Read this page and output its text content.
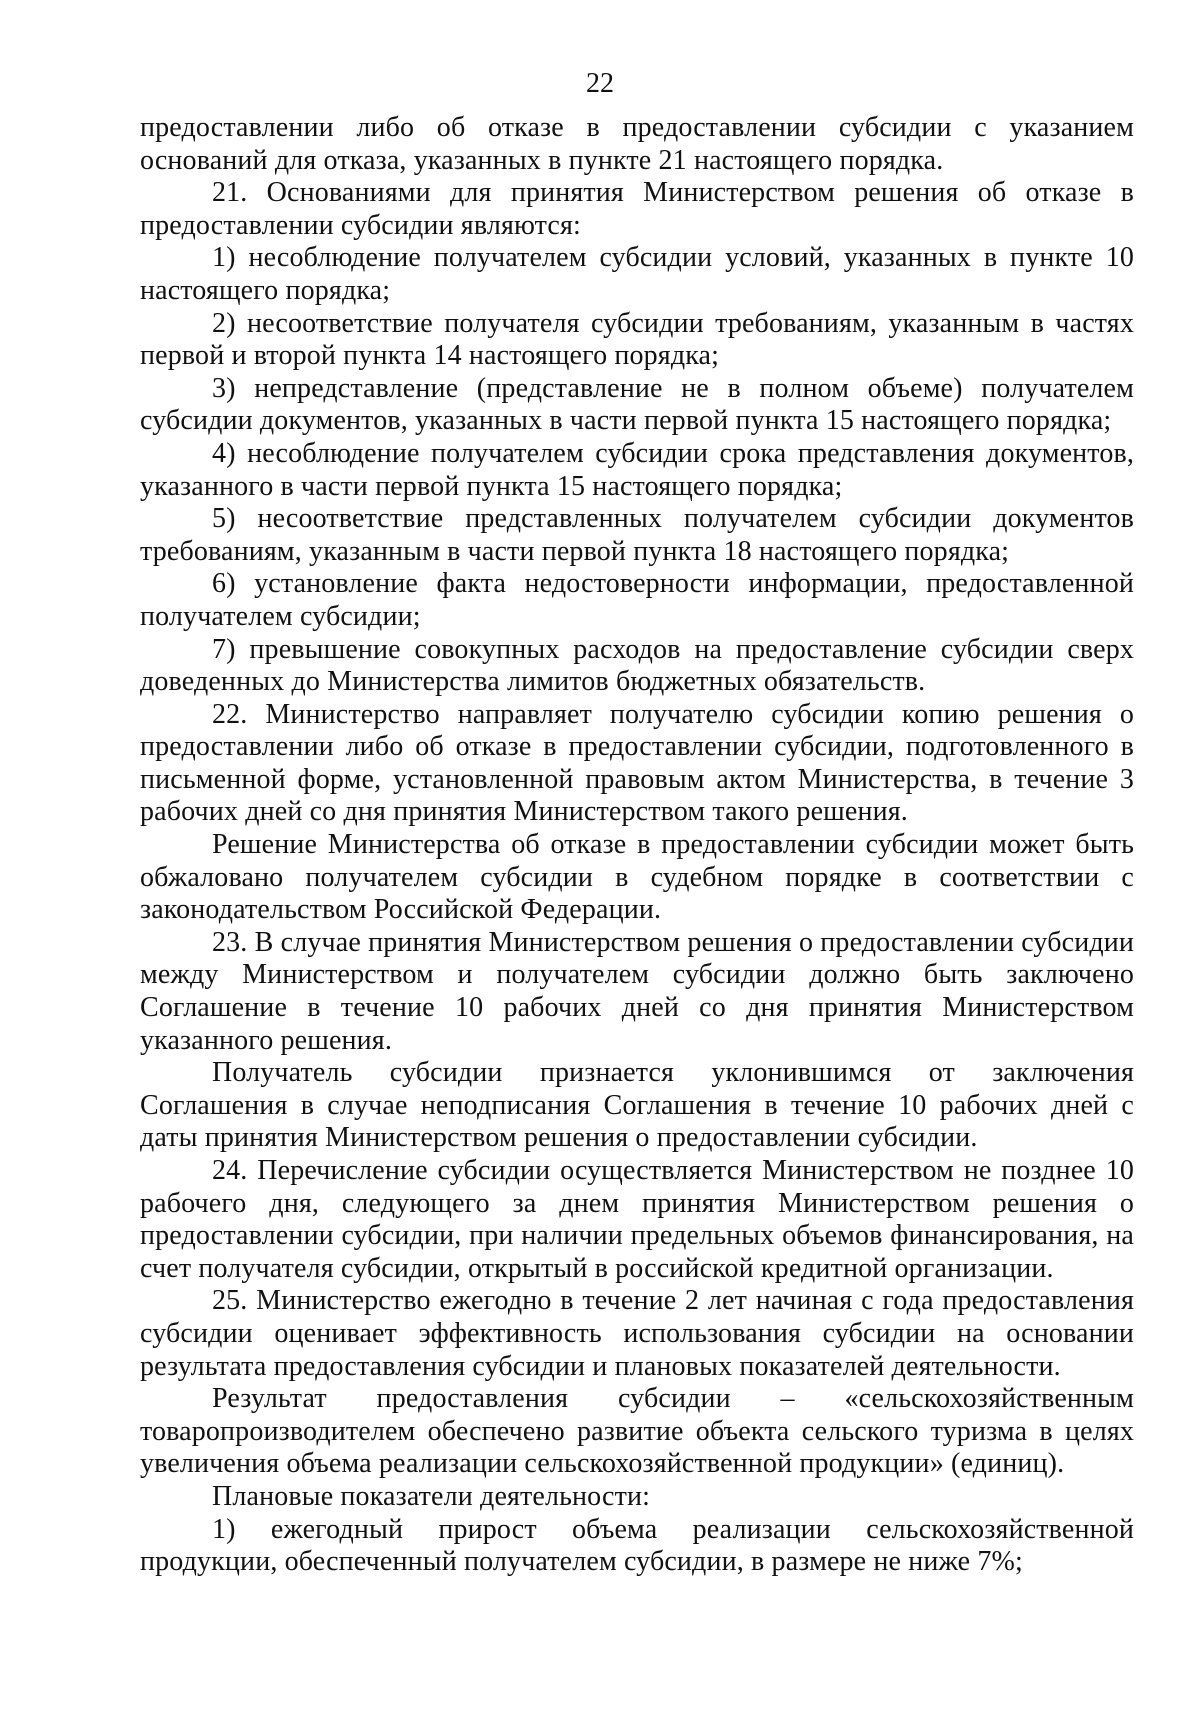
22

предоставлении либо об отказе в предоставлении субсидии с указанием оснований для отказа, указанных в пункте 21 настоящего порядка.

21. Основаниями для принятия Министерством решения об отказе в предоставлении субсидии являются:

1) несоблюдение получателем субсидии условий, указанных в пункте 10 настоящего порядка;

2) несоответствие получателя субсидии требованиям, указанным в частях первой и второй пункта 14 настоящего порядка;

3) непредставление (представление не в полном объеме) получателем субсидии документов, указанных в части первой пункта 15 настоящего порядка;

4) несоблюдение получателем субсидии срока представления документов, указанного в части первой пункта 15 настоящего порядка;

5) несоответствие представленных получателем субсидии документов требованиям, указанным в части первой пункта 18 настоящего порядка;

6) установление факта недостоверности информации, предоставленной получателем субсидии;

7) превышение совокупных расходов на предоставление субсидии сверх доведенных до Министерства лимитов бюджетных обязательств.

22. Министерство направляет получателю субсидии копию решения о предоставлении либо об отказе в предоставлении субсидии, подготовленного в письменной форме, установленной правовым актом Министерства, в течение 3 рабочих дней со дня принятия Министерством такого решения.

Решение Министерства об отказе в предоставлении субсидии может быть обжаловано получателем субсидии в судебном порядке в соответствии с законодательством Российской Федерации.

23. В случае принятия Министерством решения о предоставлении субсидии между Министерством и получателем субсидии должно быть заключено Соглашение в течение 10 рабочих дней со дня принятия Министерством указанного решения.

Получатель субсидии признается уклонившимся от заключения Соглашения в случае неподписания Соглашения в течение 10 рабочих дней с даты принятия Министерством решения о предоставлении субсидии.

24. Перечисление субсидии осуществляется Министерством не позднее 10 рабочего дня, следующего за днем принятия Министерством решения о предоставлении субсидии, при наличии предельных объемов финансирования, на счет получателя субсидии, открытый в российской кредитной организации.

25. Министерство ежегодно в течение 2 лет начиная с года предоставления субсидии оценивает эффективность использования субсидии на основании результата предоставления субсидии и плановых показателей деятельности.

Результат предоставления субсидии – «сельскохозяйственным товаропроизводителем обеспечено развитие объекта сельского туризма в целях увеличения объема реализации сельскохозяйственной продукции» (единиц).

Плановые показатели деятельности:

1) ежегодный прирост объема реализации сельскохозяйственной продукции, обеспеченный получателем субсидии, в размере не ниже 7%;
